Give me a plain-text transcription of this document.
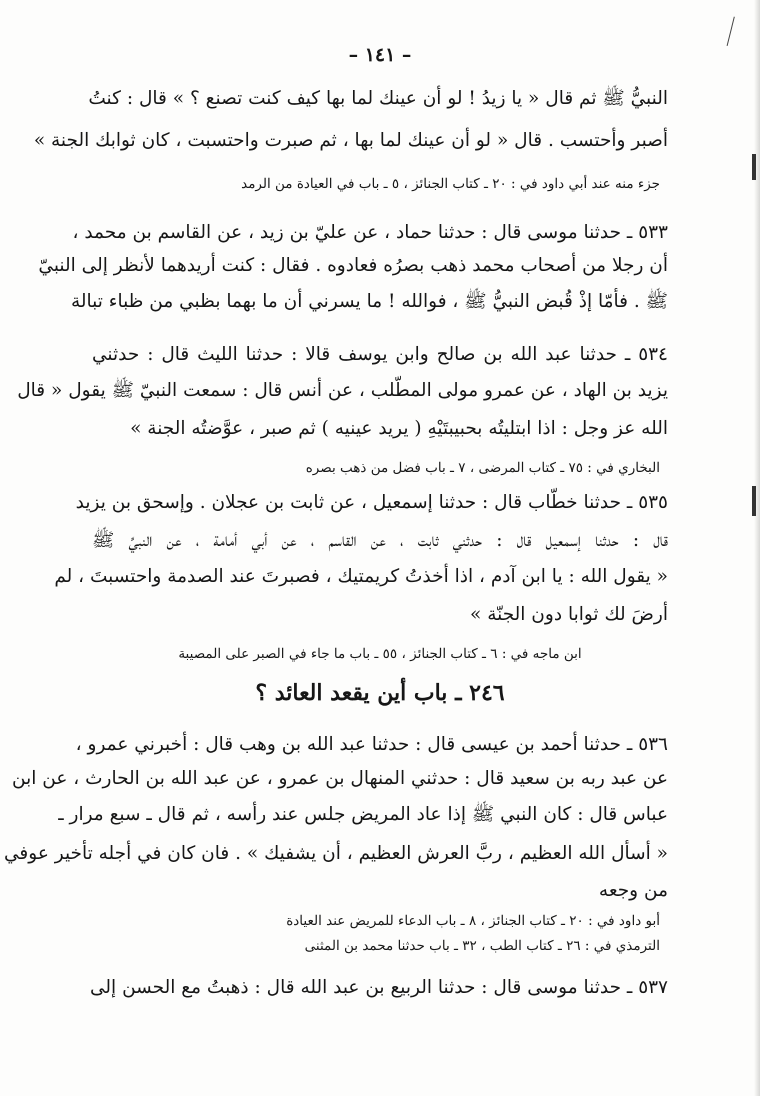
– ١٤١ –
النبيُّ ﷺ ثم قال « يا زيدُ ! لو أن عينك لما بها كيف كنت تصنع ؟ » قال : كنتُ
أصبر وأحتسب . قال « لو أن عينك لما بها ، ثم صبرت واحتسبت ، كان ثوابك الجنة »
٥٣٣ ـ حدثنا موسى قال : حدثنا حماد ، عن عليّ بن زيد ، عن القاسم بن محمد ،
أن رجلا من أصحاب محمد ذهب بصرُه فعادوه . فقال : كنت أريدهما لأنظر إلى النبيّ
ﷺ . فأمّا إذْ قُبض النبيُّ ﷺ ، فوالله ! ما يسرني أن ما بهما بظبي من ظباء تبالة
٥٣٤ ـ حدثنا عبد الله بن صالح وابن يوسف قالا : حدثنا الليث قال : حدثني
يزيد بن الهاد ، عن عمرو مولى المطّلب ، عن أنس قال : سمعت النبيّ ﷺ يقول « قال
الله عز وجل : اذا ابتليتُه بحبيبتَيْهِ ( يريد عينيه ) ثم صبر ، عوَّضتُه الجنة »
٥٣٥ ـ حدثنا خطّاب قال : حدثنا إسمعيل ، عن ثابت بن عجلان . وإسحق بن يزيد
قال : حدثنا إسمعيل قال : حدثني ثابت ، عن القاسم ، عن أبي أمامة ، عن النبيِّ ﷺ
« يقول الله : يا ابن آدم ، اذا أخذتُ كريمتيك ، فصبرتَ عند الصدمة واحتسبتَ ، لم
أرضَ لك ثوابا دون الجنّة »
٥٣٦ ـ حدثنا أحمد بن عيسى قال : حدثنا عبد الله بن وهب قال : أخبرني عمرو ،
عن عبد ربه بن سعيد قال : حدثني المنهال بن عمرو ، عن عبد الله بن الحارث ، عن ابن
عباس قال : كان النبي ﷺ إذا عاد المريض جلس عند رأسه ، ثم قال ـ سبع مرار ـ
« أسأل الله العظيم ، ربَّ العرش العظيم ، أن يشفيك » . فان كان في أجله تأخير عوفي
من وجعه
٥٣٧ ـ حدثنا موسى قال : حدثنا الربيع بن عبد الله قال : ذهبتُ مع الحسن إلى
جزء منه عند أبي داود في : ٢٠ ـ كتاب الجنائز ، ٥ ـ باب في العيادة من الرمد
البخاري في : ٧٥ ـ كتاب المرضى ، ٧ ـ باب فضل من ذهب بصره
ابن ماجه في : ٦ ـ كتاب الجنائز ، ٥٥ ـ باب ما جاء في الصبر على المصيبة
أبو داود في : ٢٠ ـ كتاب الجنائز ، ٨ ـ باب الدعاء للمريض عند العيادة
الترمذي في : ٢٦ ـ كتاب الطب ، ٣٢ ـ باب حدثنا محمد بن المثنى
٢٤٦ ـ باب أين يقعد العائد ؟
